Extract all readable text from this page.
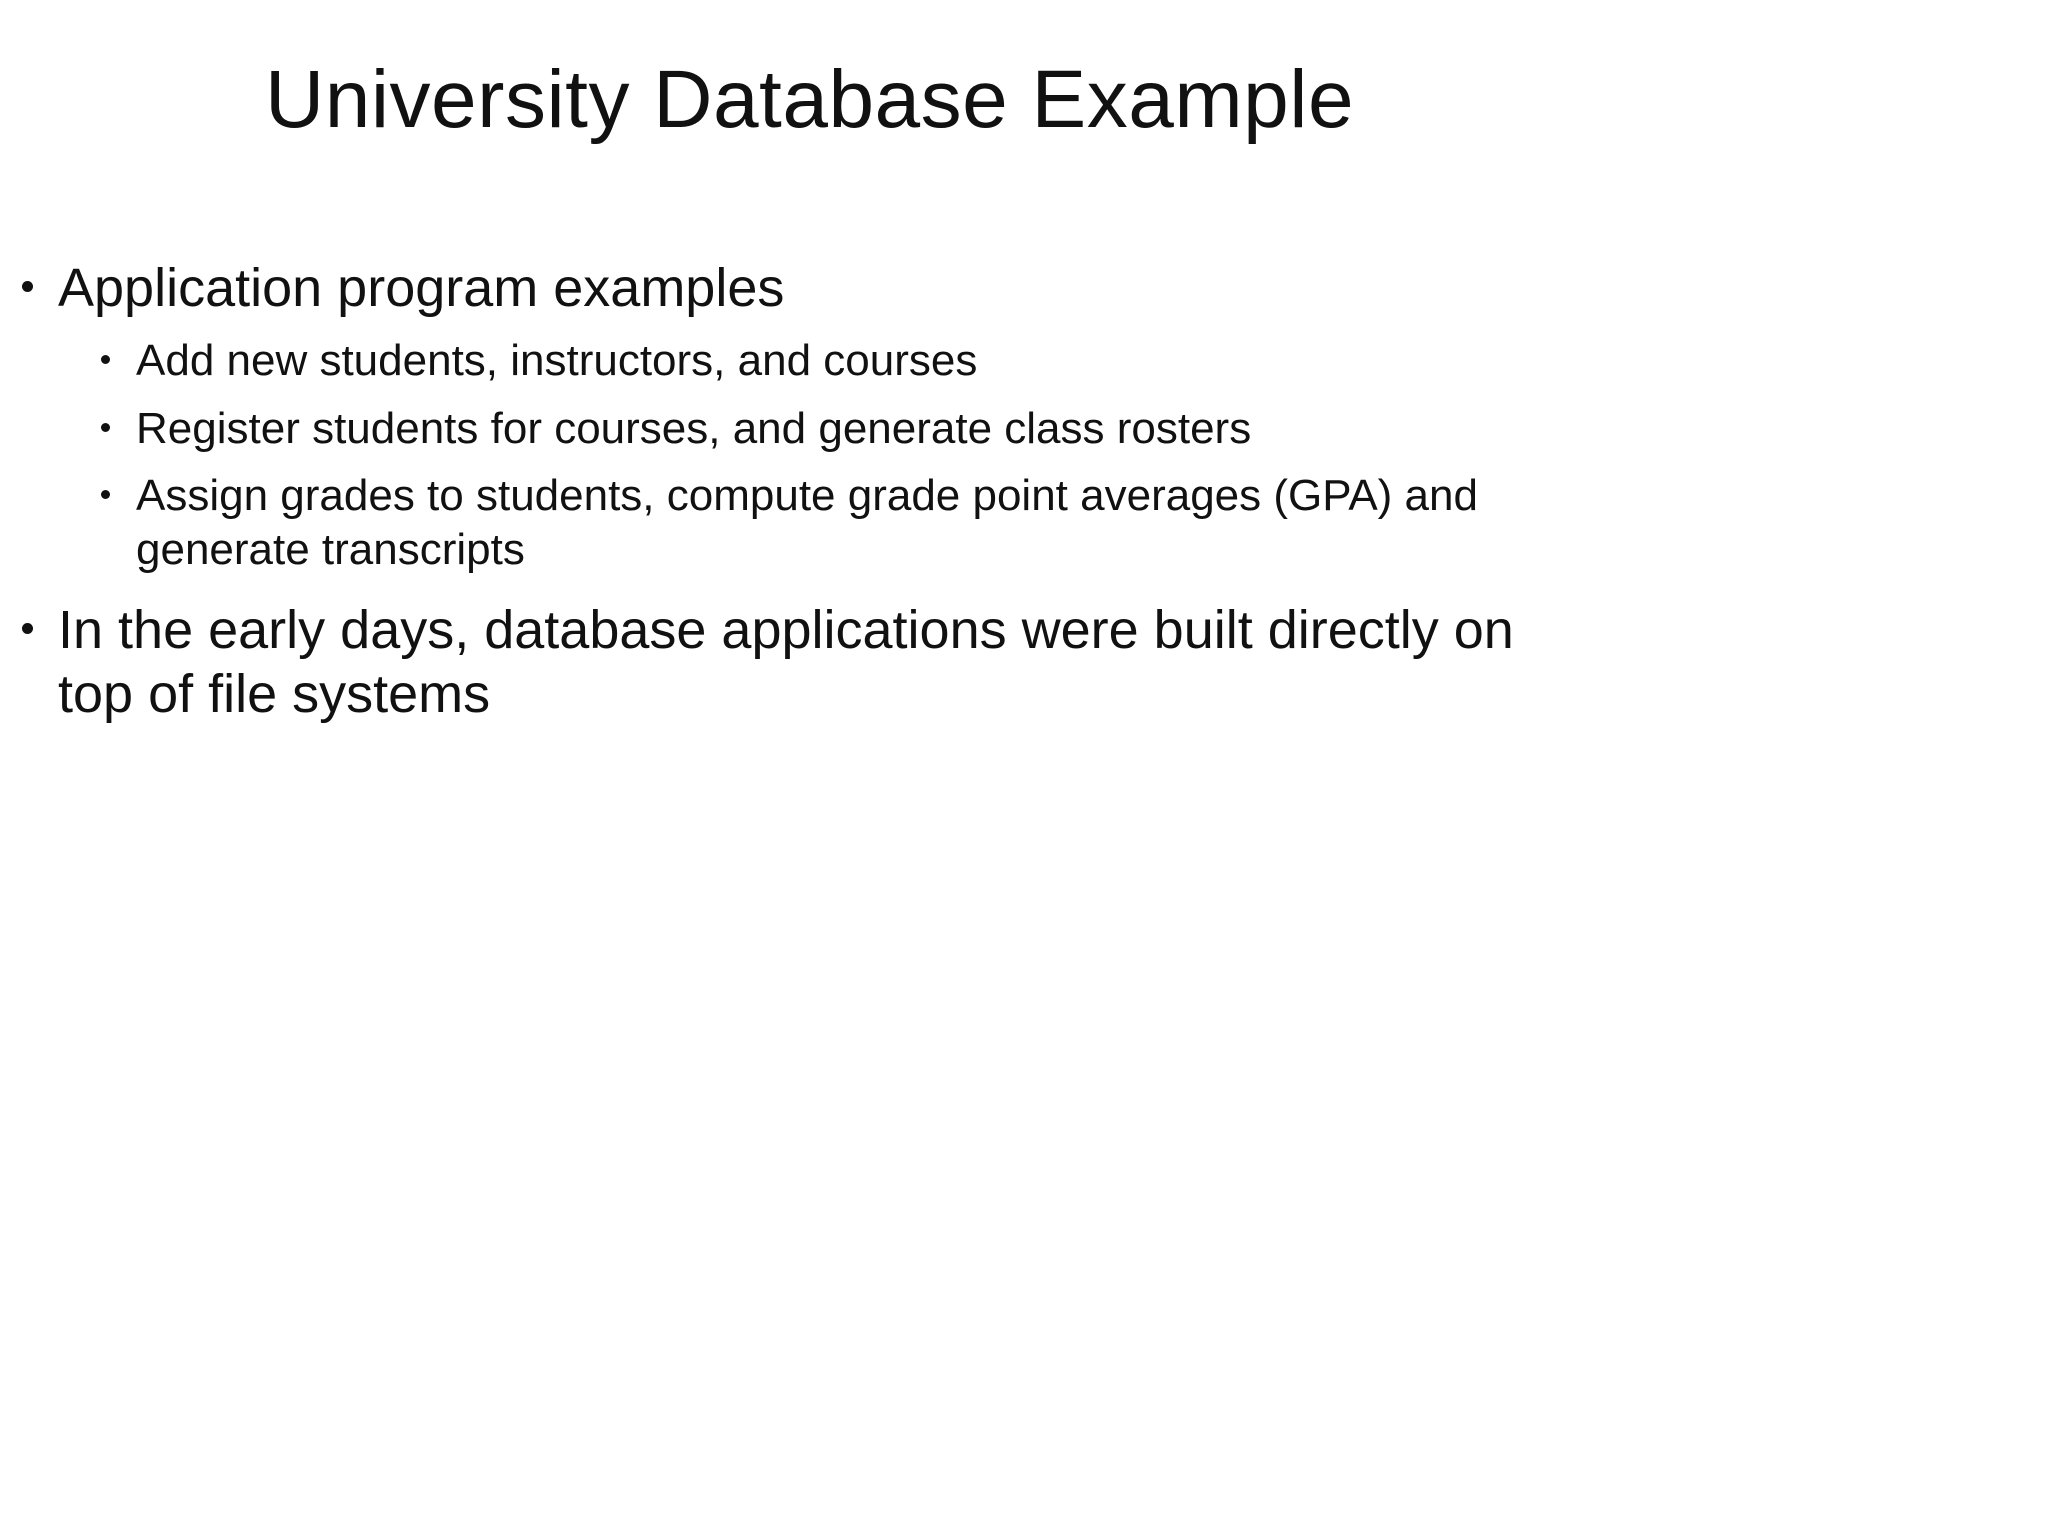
University Database Example
Application program examples
Add new students, instructors, and courses
Register students for courses, and generate class rosters
Assign grades to students, compute grade point averages (GPA) and generate transcripts
In the early days, database applications were built directly on top of file systems
